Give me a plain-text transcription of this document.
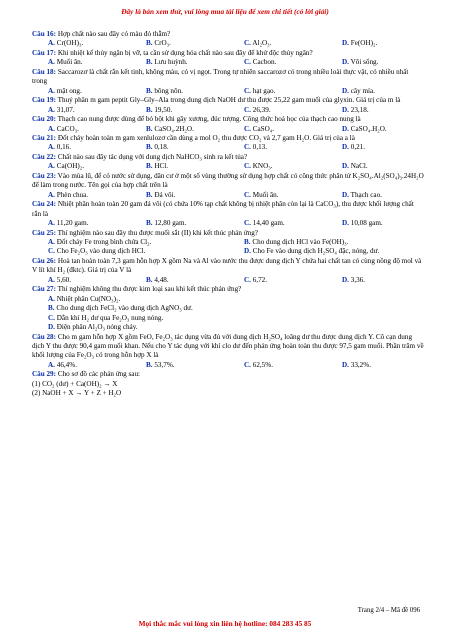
Đây là bản xem thử, vui lòng mua tài liệu để xem chi tiết (có lời giải)

Câu 16: Hợp chất nào sau đây có màu đỏ thẫm?

A. Cr(OH)₃.	B. CrO₃.	C. Al₂O₃.	D. Fe(OH)₂.

Câu 17: Khi nhiệt kế thủy ngân bị vỡ, ta cần sử dụng hóa chất nào sau đây để khử độc thủy ngân?

A. Muối ăn.	B. Lưu huỳnh.	C. Cacbon.	D. Vôi sống.

Câu 18: Saccarozơ là chất rắn kết tinh, không màu, có vị ngọt. Trong tự nhiên saccarozơ có trong nhiều loài thực vật, có nhiều nhất trong

A. mật ong.	B. bông nõn.	C. hạt gạo.	D. cây mía.

Câu 19: Thuỷ phân m gam peptit Gly–Gly–Ala trong dung dịch NaOH dư thu được 25,22 gam muối của glyxin. Giá trị của m là

A. 31,07.	B. 19,50.	C. 26,39.	D. 23,18.

Câu 20: Thạch cao nung được dùng để bó bột khi gãy xương, đúc tượng. Công thức hoá học của thạch cao nung là

A. CaCO₃.	B. CaSO₄.2H₂O.	C. CaSO₄.	D. CaSO₄.H₂O.

Câu 21: Đốt cháy hoàn toàn m gam xenlulozơ cần dùng a mol O₂ thu được CO₂ và 2,7 gam H₂O. Giá trị của a là

A. 0,16.	B. 0,18.	C. 0,13.	D. 0,21.

Câu 22: Chất nào sau đây tác dụng với dung dịch NaHCO₃ sinh ra kết tủa?

A. Ca(OH)₂.	B. HCl.	C. KNO₃.	D. NaCl.

Câu 23: Vào mùa lũ, để có nước sử dụng, dân cư ở một số vùng thường sử dụng hợp chất có công thức phân tử K₂SO₄.Al₂(SO₄)₃.24H₂O để làm trong nước. Tên gọi của hợp chất trên là

A. Phèn chua.	B. Đá vôi.	C. Muối ăn.	D. Thạch cao.

Câu 24: Nhiệt phân hoàn toàn 20 gam đá vôi (có chứa 10% tạp chất không bị nhiệt phân còn lại là CaCO₃), thu được khối lượng chất rắn là

A. 11,20 gam.	B. 12,80 gam.	C. 14,40 gam.	D. 10,08 gam.

Câu 25: Thí nghiệm nào sau đây thu được muối sắt (II) khi kết thúc phản ứng?

A. Đốt cháy Fe trong bình chứa Cl₂.	B. Cho dung dịch HCl vào Fe(OH)₃.
C. Cho Fe₂O₃ vào dung dịch HCl.	D. Cho Fe vào dung dịch H₂SO₄ đặc, nóng, dư.

Câu 26: Hoà tan hoàn toàn 7,3 gam hỗn hợp X gồm Na và Al vào nước thu được dung dịch Y chứa hai chất tan có cùng nồng độ mol và V lít khí H₂ (đktc). Giá trị của V là

A. 5,60.	B. 4,48.	C. 6,72.	D. 3,36.

Câu 27: Thí nghiệm không thu được kim loại sau khi kết thúc phản ứng?

A. Nhiệt phân Cu(NO₃)₂.

B. Cho dung dịch FeCl₂ vào dung dịch AgNO₃ dư.

C. Dẫn khí H₂ dư qua Fe₂O₃ nung nóng.

D. Điện phân Al₂O₃ nóng chảy.

Câu 28: Cho m gam hỗn hợp X gồm FeO, Fe₂O₃ tác dụng vừa đủ với dung dịch H₂SO₄ loãng dư thu được dung dịch Y. Cô cạn dung dịch Y thu được 90,4 gam muối khan. Nếu cho Y tác dụng với khí clo dư đến phản ứng hoàn toàn thu được 97,5 gam muối. Phần trăm về khối lượng của Fe₂O₃ có trong hỗn hợp X là

A. 46,4%.	B. 53,7%.	C. 62,5%.	D. 33,2%.

Câu 29: Cho sơ đồ các phản ứng sau:

(1) CO₂ (dư) + Ca(OH)₂ → X

(2) NaOH + X → Y + Z + H₂O

Trang 2/4 – Mã đề 096
Mọi thắc mắc vui lòng xin liên hệ hotline: 084 283 45 85
